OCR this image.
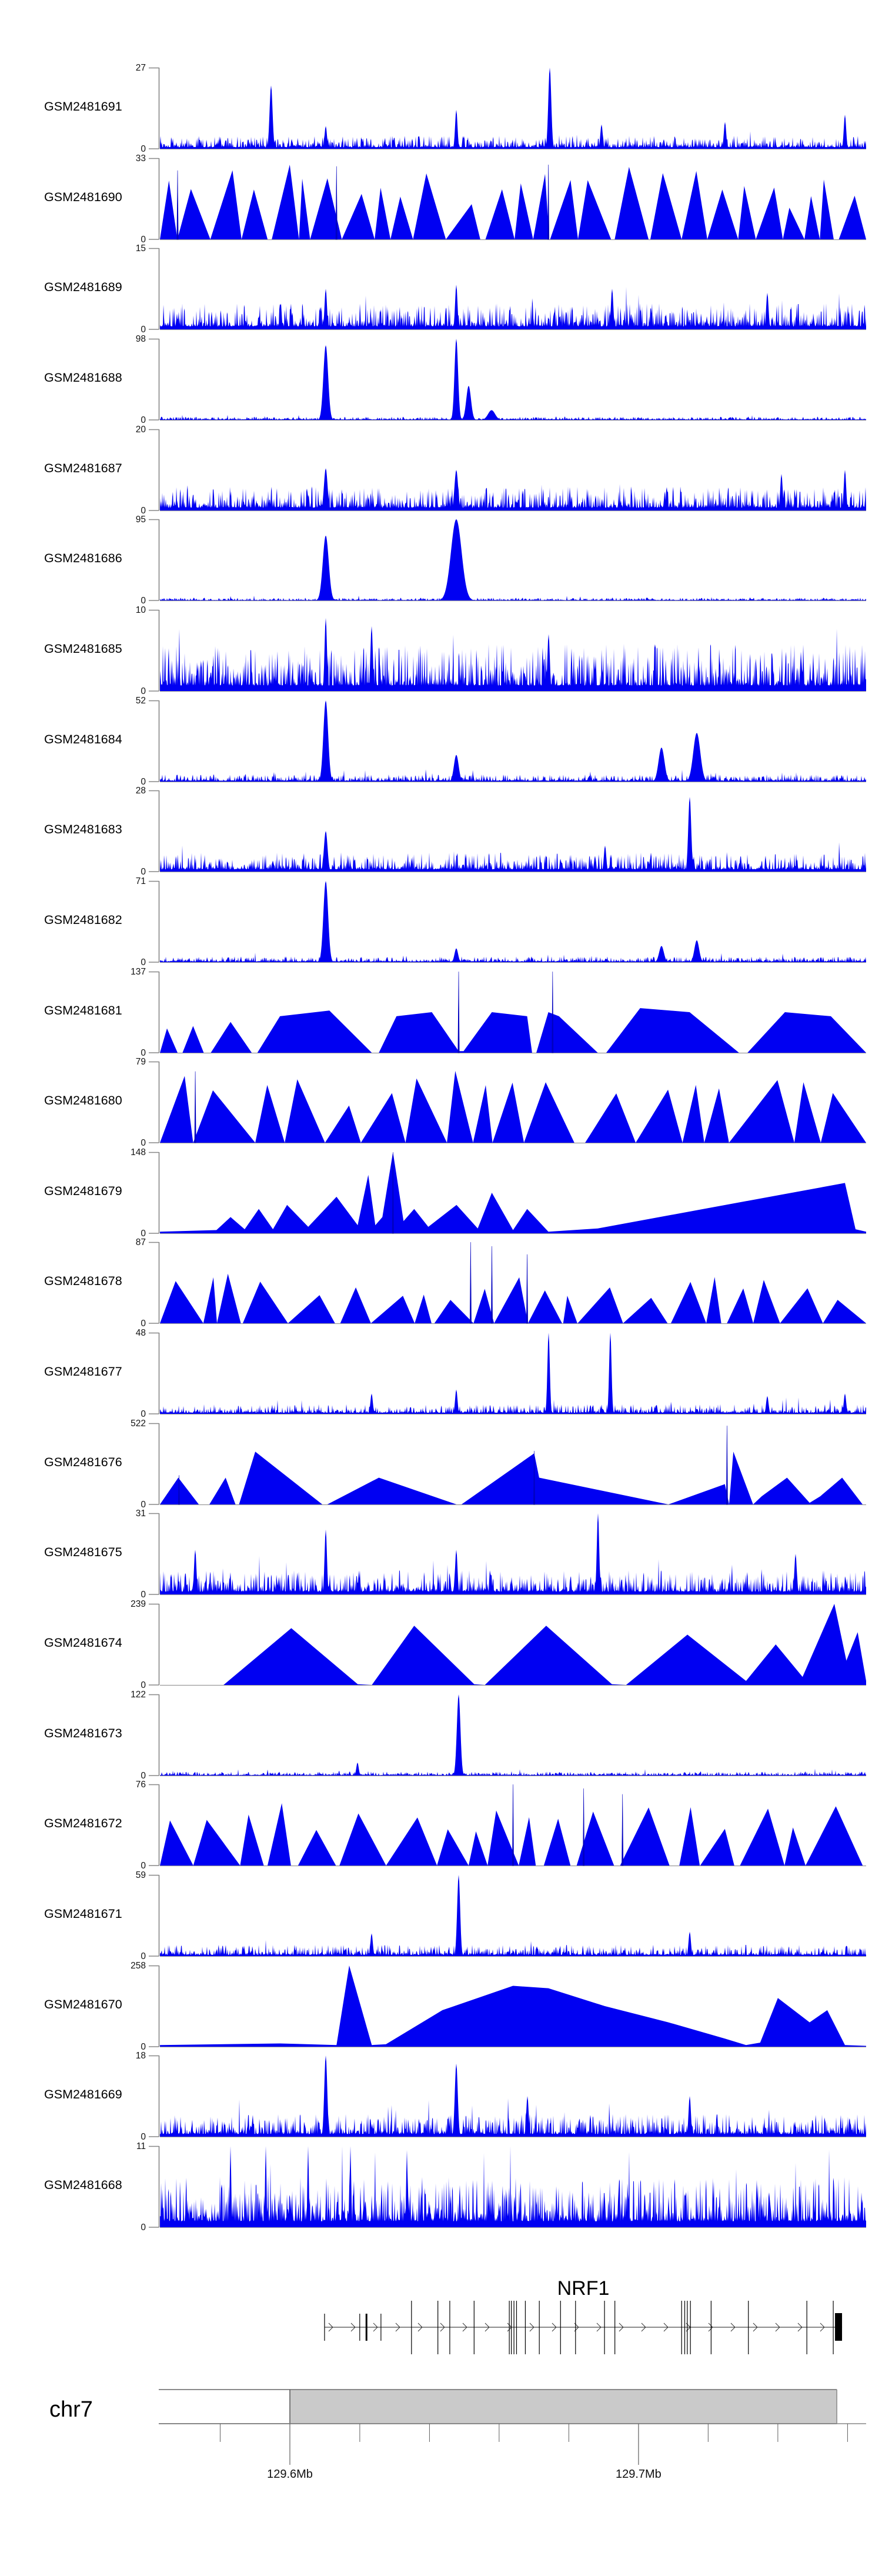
GSM2481691
27
0
GSM2481690
33
0
GSM2481689
15
0
GSM2481688
98
0
GSM2481687
20
0
GSM2481686
95
0
GSM2481685
10
0
GSM2481684
52
0
GSM2481683
28
0
GSM2481682
71
0
GSM2481681
137
0
GSM2481680
79
0
GSM2481679
148
0
GSM2481678
87
0
GSM2481677
48
0
GSM2481676
522
0
GSM2481675
31
0
GSM2481674
239
0
GSM2481673
122
0
GSM2481672
76
0
GSM2481671
59
0
GSM2481670
258
0
GSM2481669
18
0
GSM2481668
11
0
NRF1
129.6Mb	129.7Mb
chr7
